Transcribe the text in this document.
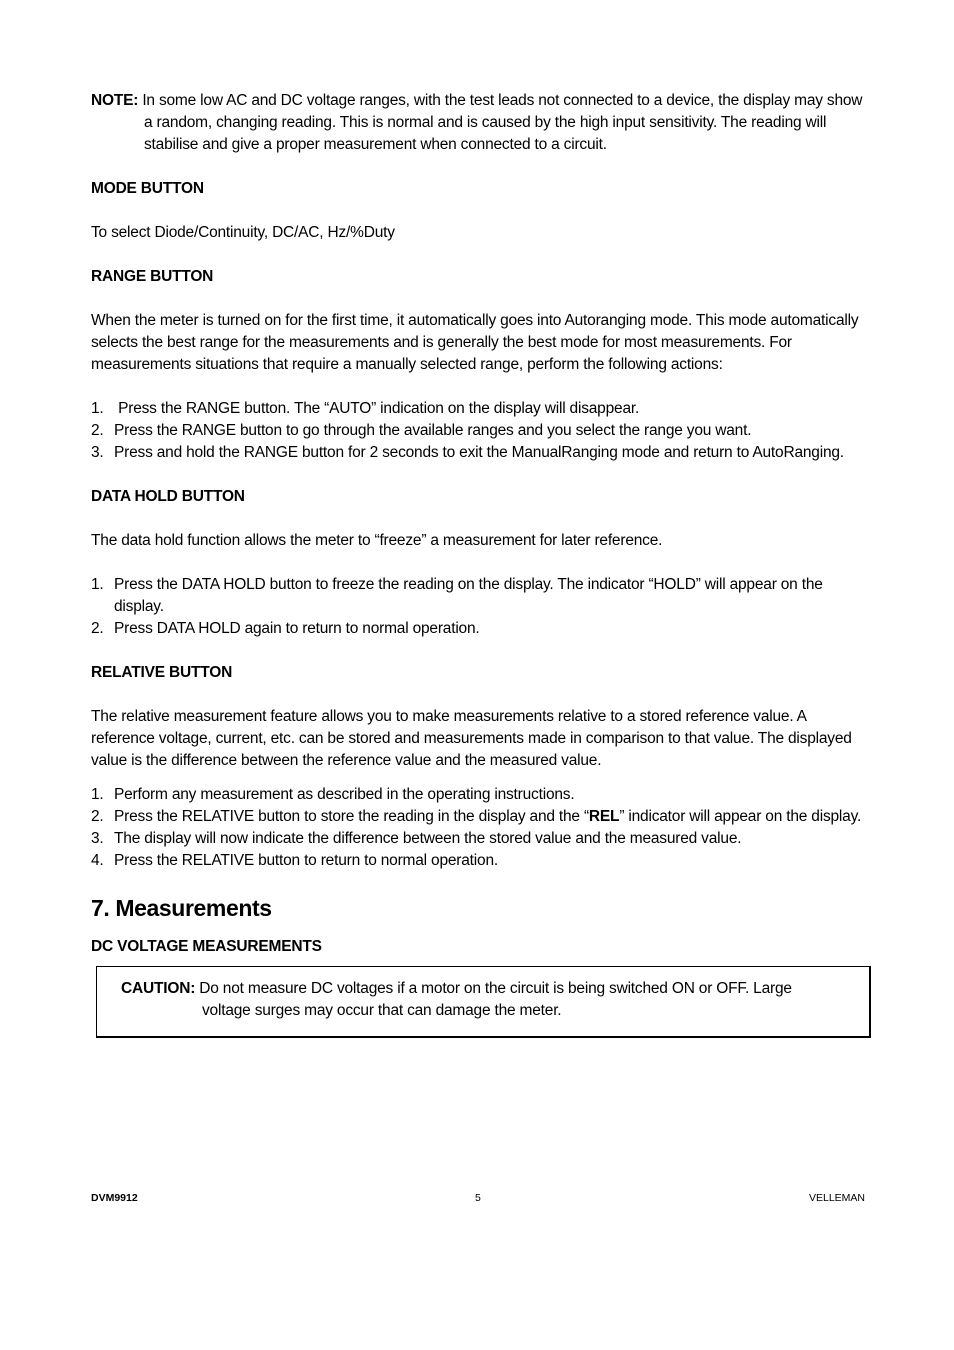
NOTE: In some low AC and DC voltage ranges, with the test leads not connected to a device, the display may show a random, changing reading. This is normal and is caused by the high input sensitivity. The reading will stabilise and give a proper measurement when connected to a circuit.
MODE BUTTON

To select Diode/Continuity, DC/AC, Hz/%Duty

RANGE BUTTON

When the meter is turned on for the first time, it automatically goes into Autoranging mode. This mode automatically selects the best range for the measurements and is generally the best mode for most measurements. For measurements situations that require a manually selected range, perform the following actions:

1. Press the RANGE button. The “AUTO” indication on the display will disappear.
2. Press the RANGE button to go through the available ranges and you select the range you want.
3. Press and hold the RANGE button for 2 seconds to exit the ManualRanging mode and return to AutoRanging.
DATA HOLD BUTTON

The data hold function allows the meter to “freeze” a measurement for later reference.

1. Press the DATA HOLD button to freeze the reading on the display. The indicator “HOLD” will appear on the display.
2. Press DATA HOLD again to return to normal operation.
RELATIVE BUTTON

The relative measurement feature allows you to make measurements relative to a stored reference value. A reference voltage, current, etc. can be stored and measurements made in comparison to that value. The displayed value is the difference between the reference value and the measured value.

1. Perform any measurement as described in the operating instructions.
2. Press the RELATIVE button to store the reading in the display and the “REL” indicator will appear on the display.
3. The display will now indicate the difference between the stored value and the measured value.
4. Press the RELATIVE button to return to normal operation.
7. Measurements
DC VOLTAGE MEASUREMENTS
CAUTION: Do not measure DC voltages if a motor on the circuit is being switched ON or OFF. Large voltage surges may occur that can damage the meter.
DVM9912	5	VELLEMAN
